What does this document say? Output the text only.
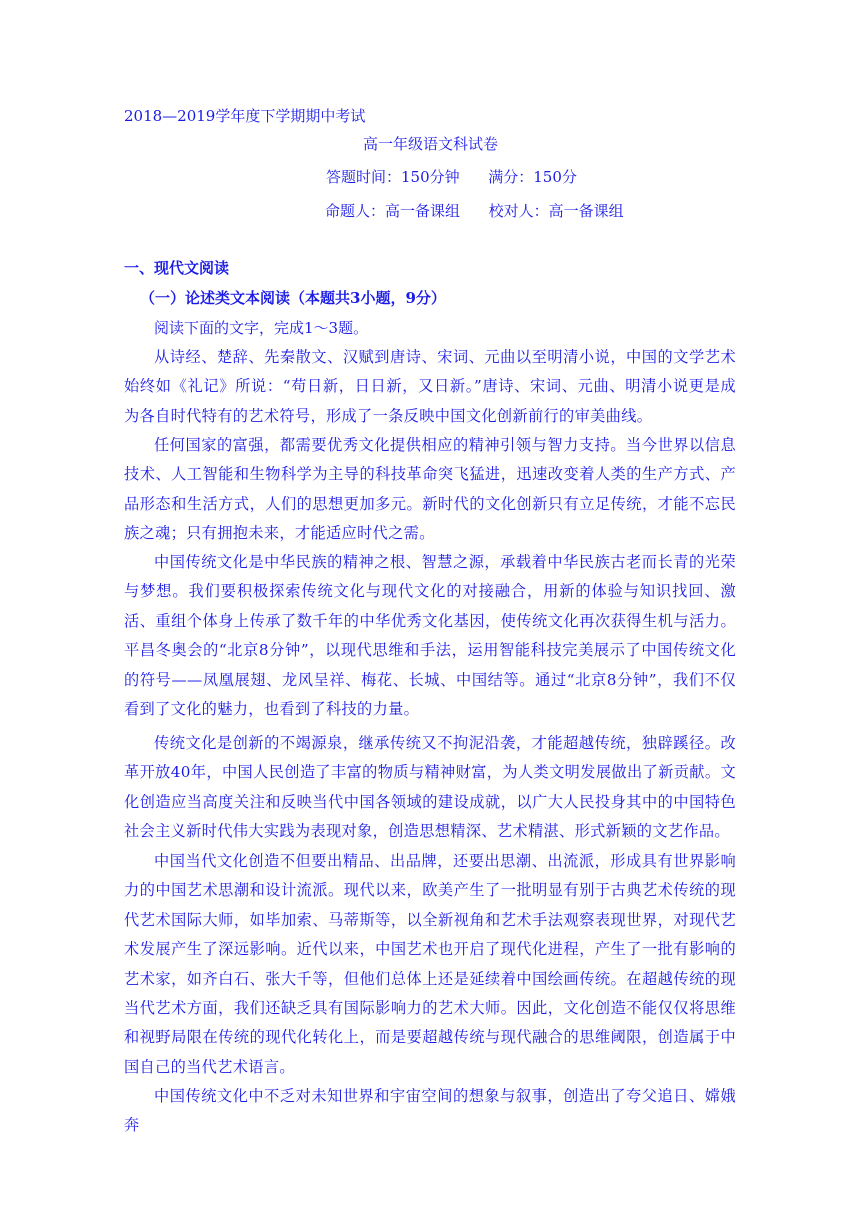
2018—2019学年度下学期期中考试
高一年级语文科试卷
答题时间：150分钟      满分：150分
命题人：高一备课组      校对人：高一备课组
一、现代文阅读
（一）论述类文本阅读（本题共3小题，9分）
阅读下面的文字，完成1～3题。
从诗经、楚辞、先秦散文、汉赋到唐诗、宋词、元曲以至明清小说，中国的文学艺术始终如《礼记》所说：“苟日新，日日新，又日新。”唐诗、宋词、元曲、明清小说更是成为各自时代特有的艺术符号，形成了一条反映中国文化创新前行的审美曲线。
任何国家的富强，都需要优秀文化提供相应的精神引领与智力支持。当今世界以信息技术、人工智能和生物科学为主导的科技革命突飞猛进，迅速改变着人类的生产方式、产品形态和生活方式，人们的思想更加多元。新时代的文化创新只有立足传统，才能不忘民族之魂；只有拥抱未来，才能适应时代之需。
中国传统文化是中华民族的精神之根、智慧之源，承载着中华民族古老而长青的光荣与梦想。我们要积极探索传统文化与现代文化的对接融合，用新的体验与知识找回、激活、重组个体身上传承了数千年的中华优秀文化基因，使传统文化再次获得生机与活力。平昌冬奥会的“北京8分钟”，以现代思维和手法，运用智能科技完美展示了中国传统文化的符号——凤凰展翅、龙风呈祥、梅花、长城、中国结等。通过“北京8分钟”，我们不仅看到了文化的魅力，也看到了科技的力量。
传统文化是创新的不竭源泉，继承传统又不拘泥沿袭，才能超越传统，独辟蹊径。改革开放40年，中国人民创造了丰富的物质与精神财富，为人类文明发展做出了新贡献。文化创造应当高度关注和反映当代中国各领域的建设成就，以广大人民投身其中的中国特色社会主义新时代伟大实践为表现对象，创造思想精深、艺术精湛、形式新颖的文艺作品。
中国当代文化创造不但要出精品、出品牌，还要出思潮、出流派，形成具有世界影响力的中国艺术思潮和设计流派。现代以来，欧美产生了一批明显有别于古典艺术传统的现代艺术国际大师，如毕加索、马蒂斯等，以全新视角和艺术手法观察表现世界，对现代艺术发展产生了深远影响。近代以来，中国艺术也开启了现代化进程，产生了一批有影响的艺术家，如齐白石、张大千等，但他们总体上还是延续着中国绘画传统。在超越传统的现当代艺术方面，我们还缺乏具有国际影响力的艺术大师。因此，文化创造不能仅仅将思维和视野局限在传统的现代化转化上，而是要超越传统与现代融合的思维阈限，创造属于中国自己的当代艺术语言。
中国传统文化中不乏对未知世界和宇宙空间的想象与叙事，创造出了夸父追日、嫦娥奔
